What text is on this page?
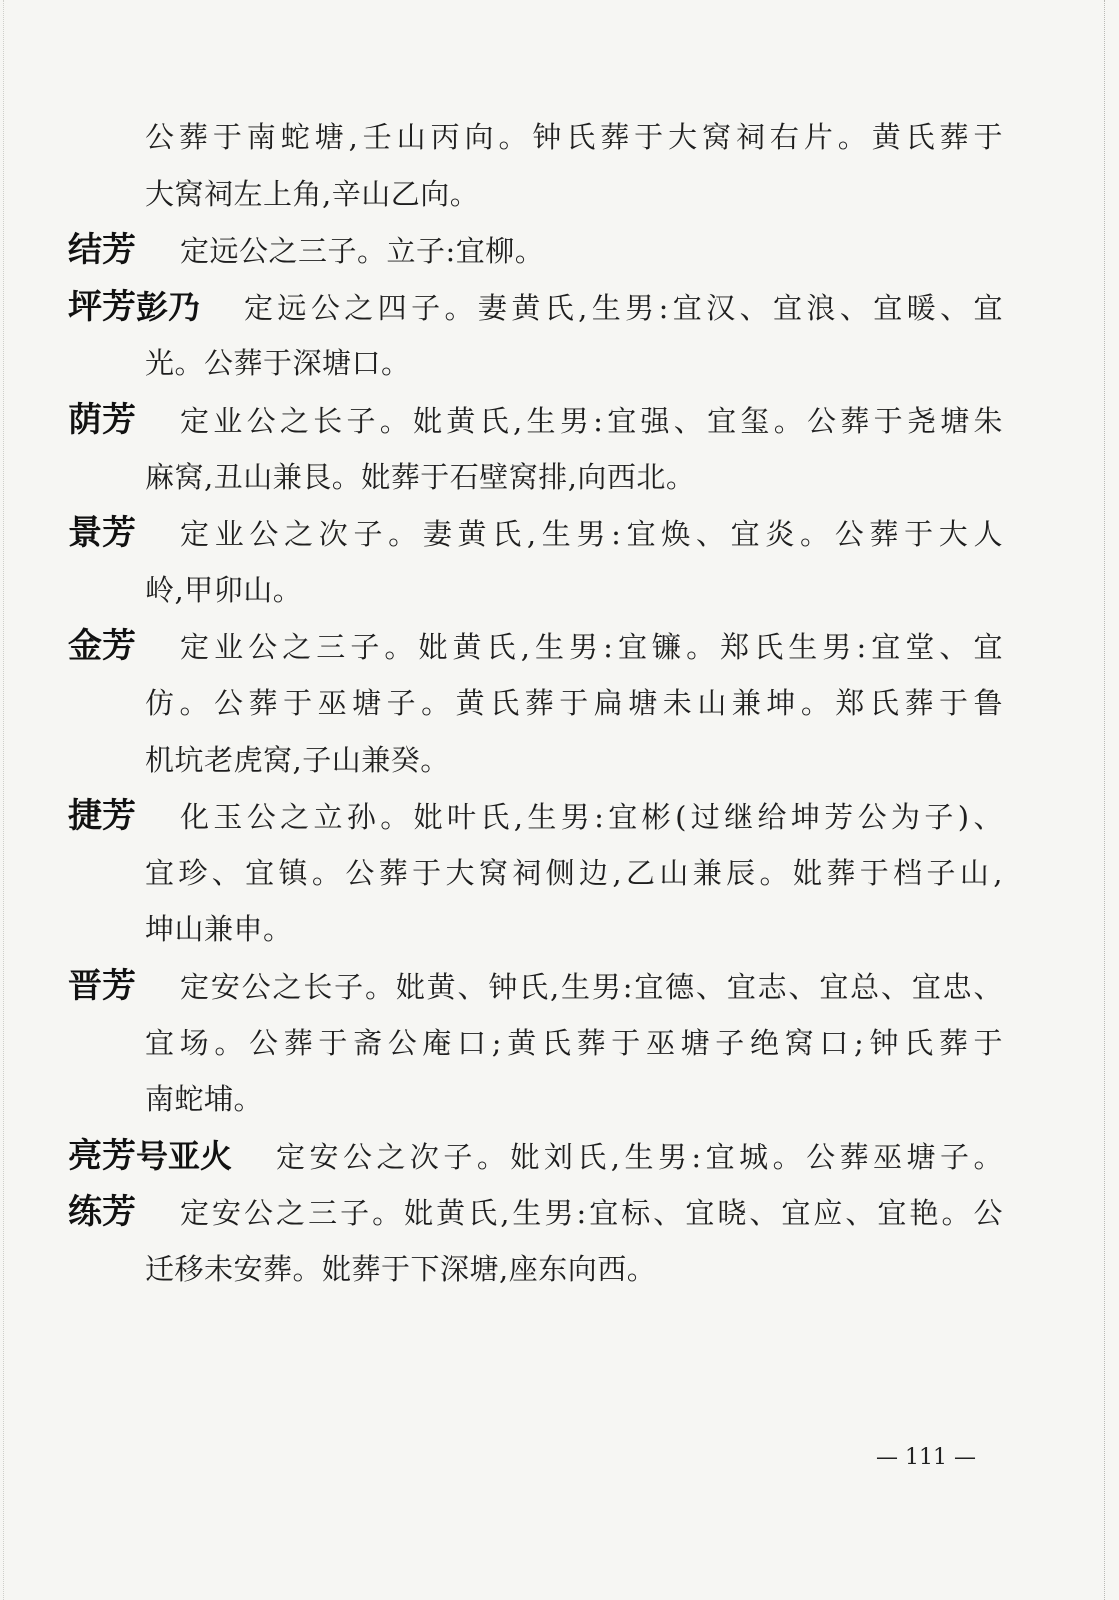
公葬于南蛇塘,壬山丙向。钟氏葬于大窝祠右片。黄氏葬于
大窝祠左上角,辛山乙向。
结芳 定远公之三子。立子:宜柳。
坪芳彭乃 定远公之四子。妻黄氏,生男:宜汉、宜浪、宜暖、宜
光。公葬于深塘口。
荫芳 定业公之长子。妣黄氏,生男:宜强、宜玺。公葬于尧塘朱
麻窝,丑山兼艮。妣葬于石壁窝排,向西北。
景芳 定业公之次子。妻黄氏,生男:宜焕、宜炎。公葬于大人
岭,甲卯山。
金芳 定业公之三子。妣黄氏,生男:宜镰。郑氏生男:宜堂、宜
仿。公葬于巫塘子。黄氏葬于扁塘未山兼坤。郑氏葬于鲁
机坑老虎窝,子山兼癸。
捷芳 化玉公之立孙。妣叶氏,生男:宜彬(过继给坤芳公为子)、
宜珍、宜镇。公葬于大窝祠侧边,乙山兼辰。妣葬于档子山,
坤山兼申。
晋芳 定安公之长子。妣黄、钟氏,生男:宜德、宜志、宜总、宜忠、
宜场。公葬于斋公庵口;黄氏葬于巫塘子绝窝口;钟氏葬于
南蛇埔。
亮芳号亚火 定安公之次子。妣刘氏,生男:宜城。公葬巫塘子。
练芳 定安公之三子。妣黄氏,生男:宜标、宜晓、宜应、宜艳。公
迁移未安葬。妣葬于下深塘,座东向西。
— 111 —
